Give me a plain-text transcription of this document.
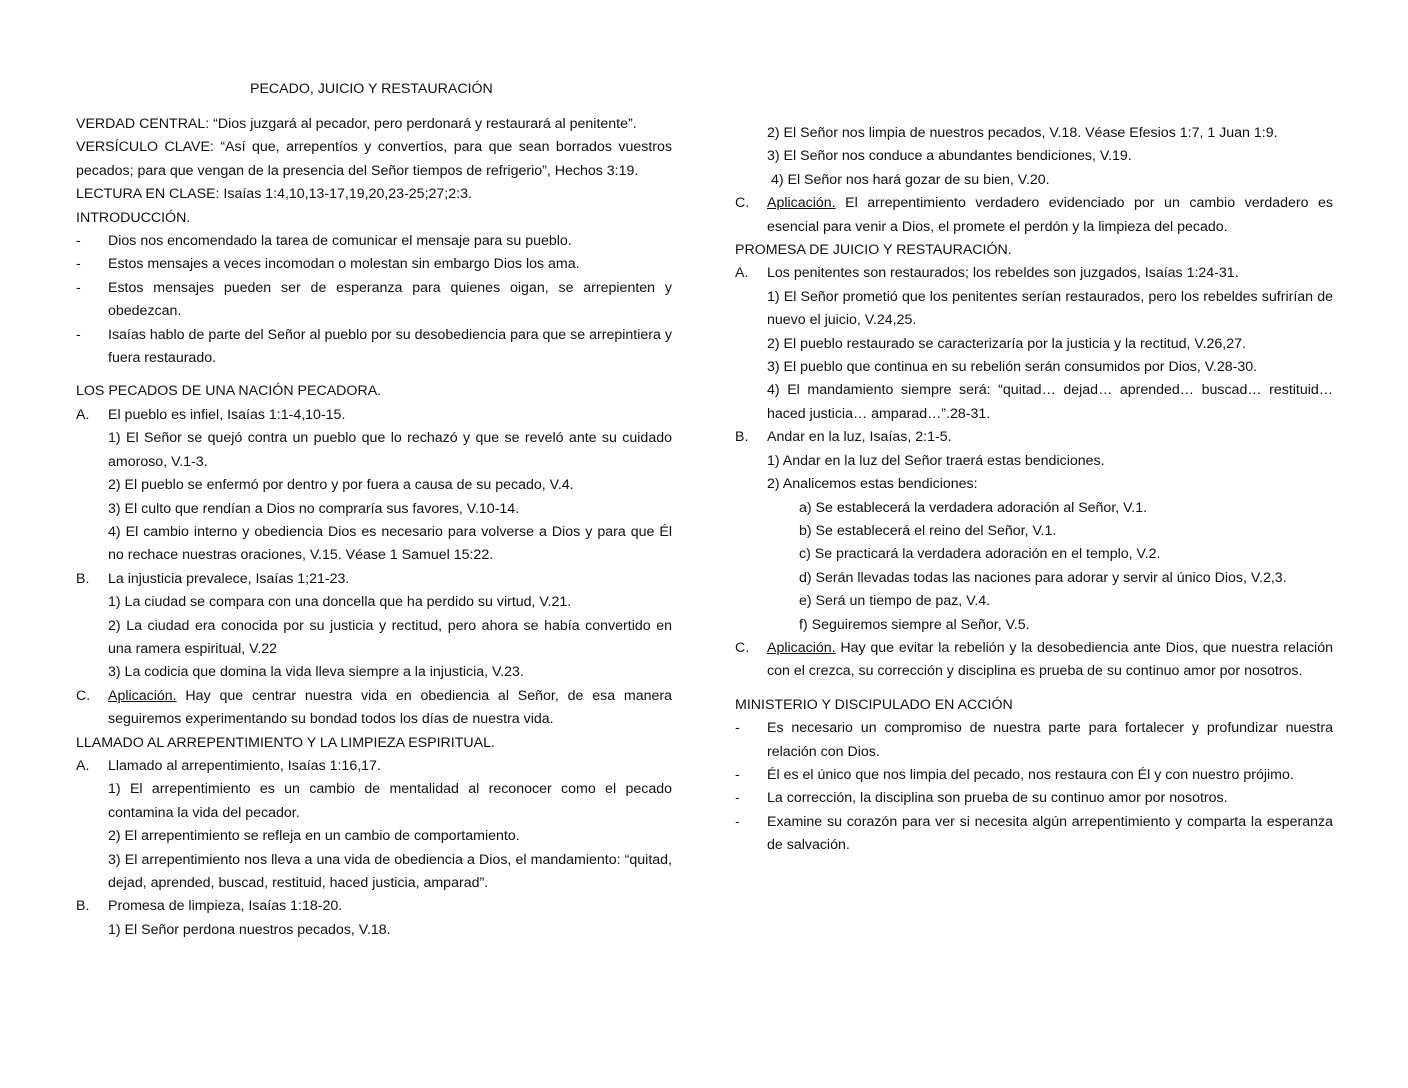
PECADO, JUICIO Y RESTAURACIÓN
VERDAD CENTRAL: “Dios juzgará al pecador, pero perdonará y restaurará al penitente”.
VERSÍCULO CLAVE: “Así que, arrepentíos y convertíos, para que sean borrados vuestros pecados; para que vengan de la presencia del Señor tiempos de refrigerio”, Hechos 3:19.
LECTURA EN CLASE: Isaías 1:4,10,13-17,19,20,23-25;27;2:3.
INTRODUCCIÓN.
-	Dios nos encomendado la tarea de comunicar el mensaje para su pueblo.
-	Estos mensajes a veces incomodan o molestan sin embargo Dios los ama.
-	Estos mensajes pueden ser de esperanza para quienes oigan, se arrepienten y obedezcan.
-	Isaías hablo de parte del Señor al pueblo por su desobediencia para que se arrepintiera y fuera restaurado.
LOS PECADOS DE UNA NACIÓN PECADORA.
A.	El pueblo es infiel, Isaías 1:1-4,10-15.
1) El Señor se quejó contra un pueblo que lo rechazó y que se reveló ante su cuidado amoroso, V.1-3.
2) El pueblo se enfermó por dentro y por fuera a causa de su pecado, V.4.
3) El culto que rendían a Dios no compraría sus favores, V.10-14.
4) El cambio interno y obediencia Dios es necesario para volverse a Dios y para que Él no rechace nuestras oraciones, V.15. Véase 1 Samuel 15:22.
B.	La injusticia prevalece, Isaías 1;21-23.
1) La ciudad se compara con una doncella que ha perdido su virtud, V.21.
2) La ciudad era conocida por su justicia y rectitud, pero ahora se había convertido en una ramera espiritual, V.22
3) La codicia que domina la vida lleva siempre a la injusticia, V.23.
C.	Aplicación. Hay que centrar nuestra vida en obediencia al Señor, de esa manera seguiremos experimentando su bondad todos los días de nuestra vida.
LLAMADO AL ARREPENTIMIENTO Y LA LIMPIEZA ESPIRITUAL.
A.	Llamado al arrepentimiento, Isaías 1:16,17.
1) El arrepentimiento es un cambio de mentalidad al reconocer como el pecado contamina la vida del pecador.
2) El arrepentimiento se refleja en un cambio de comportamiento.
3) El arrepentimiento nos lleva a una vida de obediencia a Dios, el mandamiento: “quitad, dejad, aprended, buscad, restituid, haced justicia, amparad”.
B.	Promesa de limpieza, Isaías 1:18-20.
1) El Señor perdona nuestros pecados, V.18.
2) El Señor nos limpia de nuestros pecados, V.18. Véase Efesios 1:7, 1 Juan 1:9.
3) El Señor nos conduce a abundantes bendiciones, V.19.
4) El Señor nos hará gozar de su bien, V.20.
C.	Aplicación. El arrepentimiento verdadero evidenciado por un cambio verdadero es esencial para venir a Dios, el promete el perdón y la limpieza del pecado.
PROMESA DE JUICIO Y RESTAURACIÓN.
A.	Los penitentes son restaurados; los rebeldes son juzgados, Isaías 1:24-31.
1) El Señor prometió que los penitentes serían restaurados, pero los rebeldes sufrirían de nuevo el juicio, V.24,25.
2) El pueblo restaurado se caracterizaría por la justicia y la rectitud, V.26,27.
3) El pueblo que continua en su rebelión serán consumidos por Dios, V.28-30.
4) El mandamiento siempre será: “quitad… dejad… aprended… buscad… restituid… haced justicia… amparad…”.28-31.
B.	Andar en la luz, Isaías, 2:1-5.
1) Andar en la luz del Señor traerá estas bendiciones.
2) Analicemos estas bendiciones:
a) Se establecerá la verdadera adoración al Señor, V.1.
b) Se establecerá el reino del Señor, V.1.
c) Se practicará la verdadera adoración en el templo, V.2.
d) Serán llevadas todas las naciones para adorar y servir al único Dios, V.2,3.
e) Será un tiempo de paz, V.4.
f) Seguiremos siempre al Señor, V.5.
C.	Aplicación. Hay que evitar la rebelión y la desobediencia ante Dios, que nuestra relación con el crezca, su corrección y disciplina es prueba de su continuo amor por nosotros.
MINISTERIO Y DISCIPULADO EN ACCIÓN
-	Es necesario un compromiso de nuestra parte para fortalecer y profundizar nuestra relación con Dios.
-	Él es el único que nos limpia del pecado, nos restaura con Él y con nuestro prójimo.
-	La corrección, la disciplina son prueba de su continuo amor por nosotros.
-	Examine su corazón para ver si necesita algún arrepentimiento y comparta la esperanza de salvación.
